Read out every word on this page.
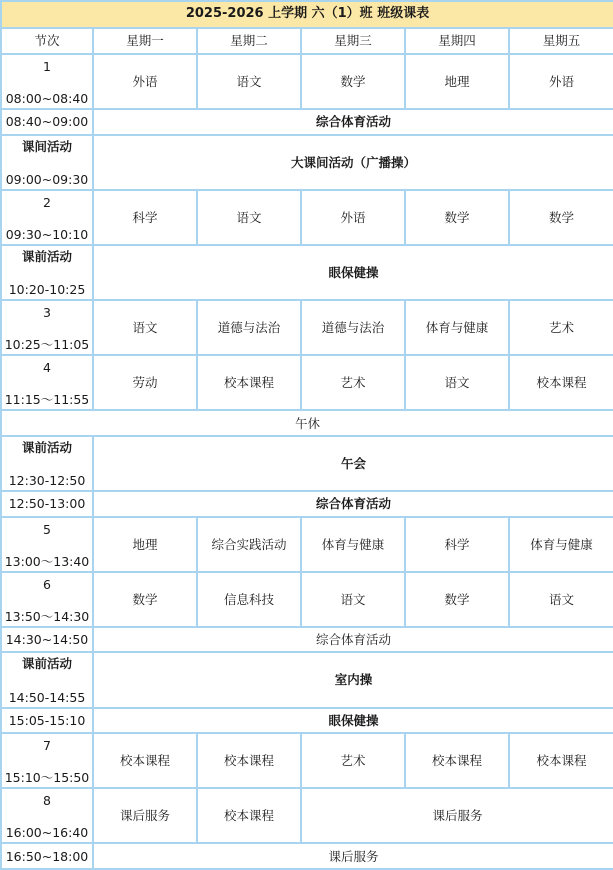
2025-2026 上学期 六（1）班 班级课表					
节次	星期一	星期二	星期三	星期四	星期五

1
08:00~08:40	外语	语文	数学	地理	外语
08:40~09:00	综合体育活动				

课间活动
09:00~09:30	大课间活动（广播操）				

2
09:30~10:10	科学	语文	外语	数学	数学

课前活动
10:20-10:25	眼保健操				

3
10:25～11:05	语文	道德与法治	道德与法治	体育与健康	艺术

4
11:15～11:55	劳动	校本课程	艺术	语文	校本课程
午休					

课前活动
12:30-12:50	午会				
12:50-13:00	综合体育活动				

5
13:00～13:40	地理	综合实践活动	体育与健康	科学	体育与健康

6
13:50～14:30	数学	信息科技	语文	数学	语文
14:30~14:50	综合体育活动				

课前活动
14:50-14:55	室内操				
15:05-15:10	眼保健操				

7
15:10～15:50	校本课程	校本课程	艺术	校本课程	校本课程

8
16:00~16:40	课后服务	校本课程	课后服务		
16:50~18:00	课后服务				
